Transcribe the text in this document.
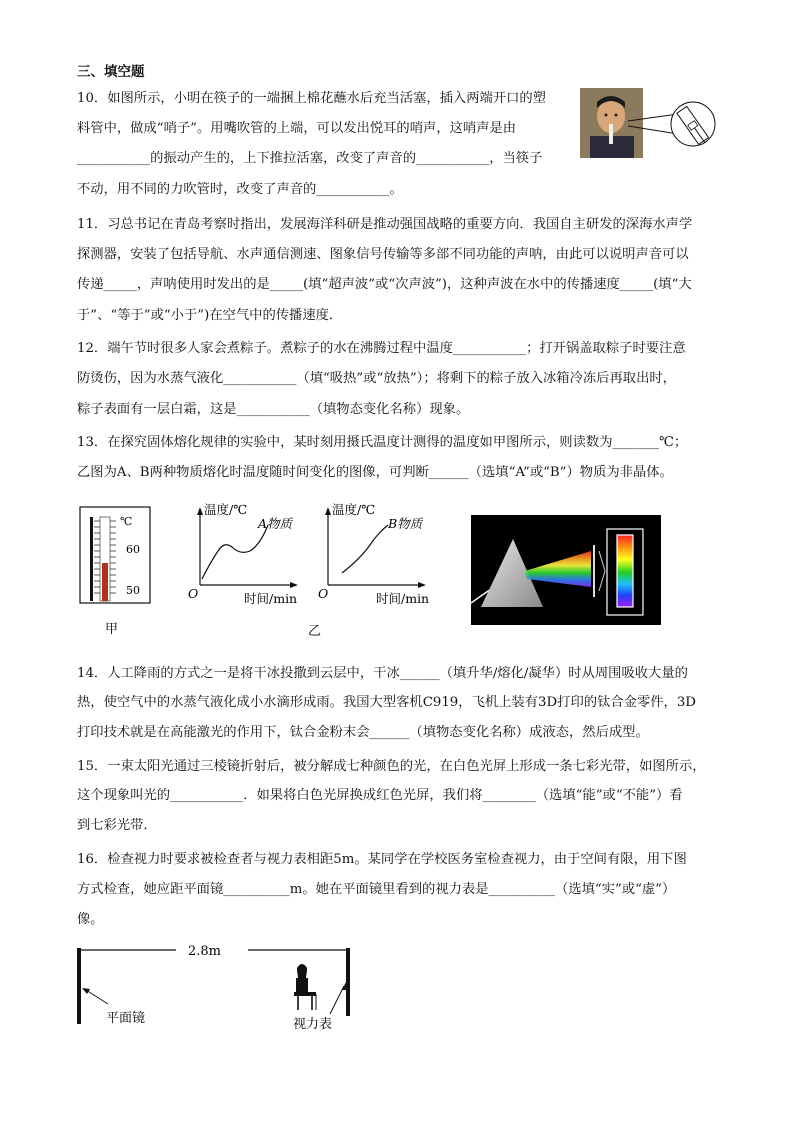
三、填空题
10．如图所示，小明在筷子的一端捆上棉花蘸水后充当活塞，插入两端开口的塑
料管中，做成“哨子”。用嘴吹管的上端，可以发出悦耳的哨声，这哨声是由
___________的振动产生的，上下推拉活塞，改变了声音的___________，当筷子
不动，用不同的力吹管时，改变了声音的___________。
11．习总书记在青岛考察时指出，发展海洋科研是推动强国战略的重要方向．我国自主研发的深海水声学
探测器，安装了包括导航、水声通信测速、图象信号传输等多部不同功能的声呐，由此可以说明声音可以
传递_____，声呐使用时发出的是_____(填“超声波”或“次声波”)，这种声波在水中的传播速度_____(填“大
于”、“等于”或“小于”)在空气中的传播速度．
12．端午节时很多人家会煮粽子。煮粽子的水在沸腾过程中温度___________；打开锅盖取粽子时要注意
防烫伤，因为水蒸气液化___________（填“吸热”或“放热”）；将剩下的粽子放入冰箱冷冻后再取出时，
粽子表面有一层白霜，这是___________（填物态变化名称）现象。
13．在探究固体熔化规律的实验中，某时刻用摄氏温度计测得的温度如甲图所示，则读数为_______℃；
乙图为A、B两种物质熔化时温度随时间变化的图像，可判断______（选填“A”或“B”）物质为非晶体。
℃
60
50
甲
温度/℃
A物质
O	时间/min
温度/℃
B物质
O	时间/min
乙
14．人工降雨的方式之一是将干冰投撒到云层中，干冰______（填升华/熔化/凝华）时从周围吸收大量的
热，使空气中的水蒸气液化成小水滴形成雨。我国大型客机C919，飞机上装有3D打印的钛合金零件，3D
打印技术就是在高能激光的作用下，钛合金粉末会______（填物态变化名称）成液态，然后成型。
15．一束太阳光通过三棱镜折射后，被分解成七种颜色的光，在白色光屏上形成一条七彩光带，如图所示，
这个现象叫光的___________．如果将白色光屏换成红色光屏，我们将________（选填“能”或“不能”）看
到七彩光带．
16．检查视力时要求被检查者与视力表相距5m。某同学在学校医务室检查视力，由于空间有限，用下图
方式检查，她应距平面镜__________m。她在平面镜里看到的视力表是__________（选填“实”或“虚”）
像。
2.8m
平面镜	视力表
